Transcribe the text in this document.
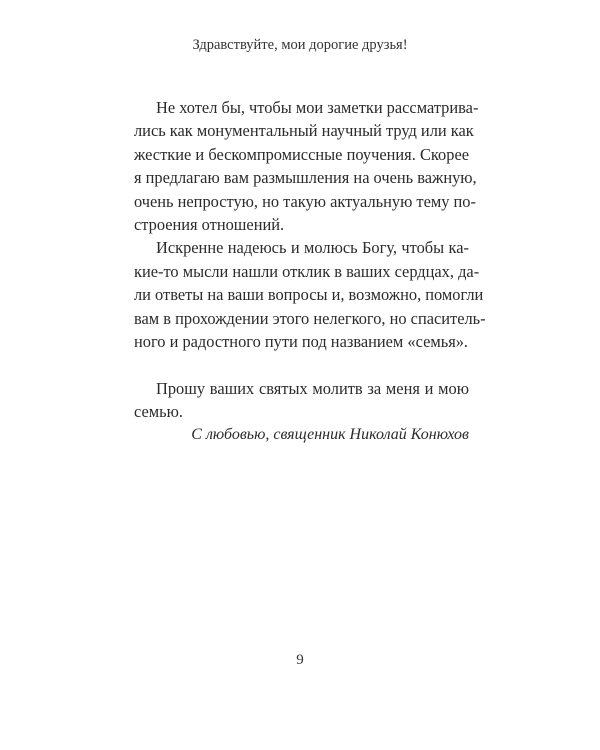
Здравствуйте, мои дорогие друзья!
Не хотел бы, чтобы мои заметки рассматрива-
лись как монументальный научный труд или как
жесткие и бескомпромиссные поучения. Скорее
я предлагаю вам размышления на очень важную,
очень непростую, но такую актуальную тему по-
строения отношений.
Искренне надеюсь и молюсь Богу, чтобы ка-
кие-то мысли нашли отклик в ваших сердцах, да-
ли ответы на ваши вопросы и, возможно, помогли
вам в прохождении этого нелегкого, но спаситель-
ного и радостного пути под названием «семья».
Прошу ваших святых молитв за меня и мою
семью.
С любовью, священник Николай Конюхов
9
